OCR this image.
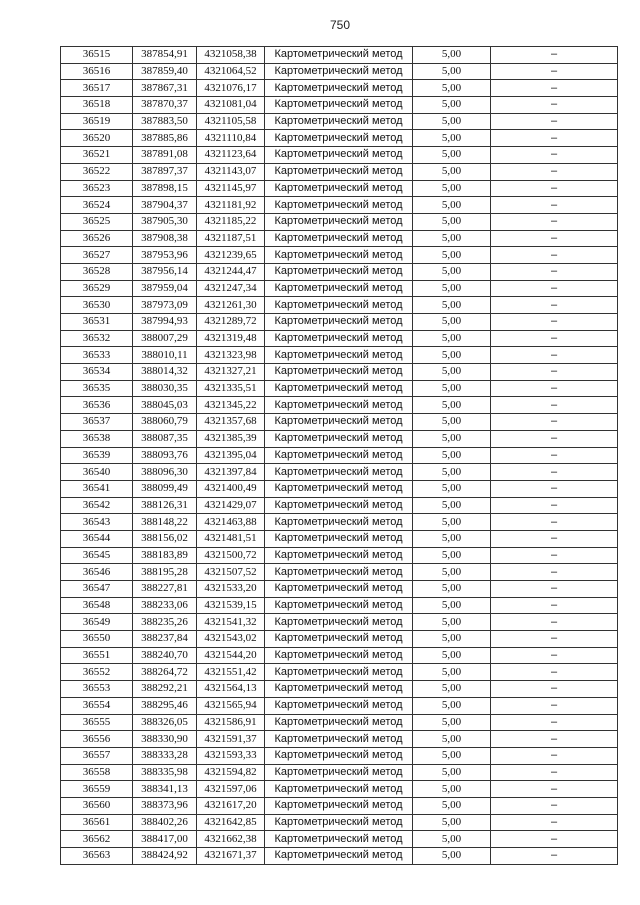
750
36515	387854,91	4321058,38	Картометрический метод	5,00	–
36516	387859,40	4321064,52	Картометрический метод	5,00	–
36517	387867,31	4321076,17	Картометрический метод	5,00	–
36518	387870,37	4321081,04	Картометрический метод	5,00	–
36519	387883,50	4321105,58	Картометрический метод	5,00	–
36520	387885,86	4321110,84	Картометрический метод	5,00	–
36521	387891,08	4321123,64	Картометрический метод	5,00	–
36522	387897,37	4321143,07	Картометрический метод	5,00	–
36523	387898,15	4321145,97	Картометрический метод	5,00	–
36524	387904,37	4321181,92	Картометрический метод	5,00	–
36525	387905,30	4321185,22	Картометрический метод	5,00	–
36526	387908,38	4321187,51	Картометрический метод	5,00	–
36527	387953,96	4321239,65	Картометрический метод	5,00	–
36528	387956,14	4321244,47	Картометрический метод	5,00	–
36529	387959,04	4321247,34	Картометрический метод	5,00	–
36530	387973,09	4321261,30	Картометрический метод	5,00	–
36531	387994,93	4321289,72	Картометрический метод	5,00	–
36532	388007,29	4321319,48	Картометрический метод	5,00	–
36533	388010,11	4321323,98	Картометрический метод	5,00	–
36534	388014,32	4321327,21	Картометрический метод	5,00	–
36535	388030,35	4321335,51	Картометрический метод	5,00	–
36536	388045,03	4321345,22	Картометрический метод	5,00	–
36537	388060,79	4321357,68	Картометрический метод	5,00	–
36538	388087,35	4321385,39	Картометрический метод	5,00	–
36539	388093,76	4321395,04	Картометрический метод	5,00	–
36540	388096,30	4321397,84	Картометрический метод	5,00	–
36541	388099,49	4321400,49	Картометрический метод	5,00	–
36542	388126,31	4321429,07	Картометрический метод	5,00	–
36543	388148,22	4321463,88	Картометрический метод	5,00	–
36544	388156,02	4321481,51	Картометрический метод	5,00	–
36545	388183,89	4321500,72	Картометрический метод	5,00	–
36546	388195,28	4321507,52	Картометрический метод	5,00	–
36547	388227,81	4321533,20	Картометрический метод	5,00	–
36548	388233,06	4321539,15	Картометрический метод	5,00	–
36549	388235,26	4321541,32	Картометрический метод	5,00	–
36550	388237,84	4321543,02	Картометрический метод	5,00	–
36551	388240,70	4321544,20	Картометрический метод	5,00	–
36552	388264,72	4321551,42	Картометрический метод	5,00	–
36553	388292,21	4321564,13	Картометрический метод	5,00	–
36554	388295,46	4321565,94	Картометрический метод	5,00	–
36555	388326,05	4321586,91	Картометрический метод	5,00	–
36556	388330,90	4321591,37	Картометрический метод	5,00	–
36557	388333,28	4321593,33	Картометрический метод	5,00	–
36558	388335,98	4321594,82	Картометрический метод	5,00	–
36559	388341,13	4321597,06	Картометрический метод	5,00	–
36560	388373,96	4321617,20	Картометрический метод	5,00	–
36561	388402,26	4321642,85	Картометрический метод	5,00	–
36562	388417,00	4321662,38	Картометрический метод	5,00	–
36563	388424,92	4321671,37	Картометрический метод	5,00	–
